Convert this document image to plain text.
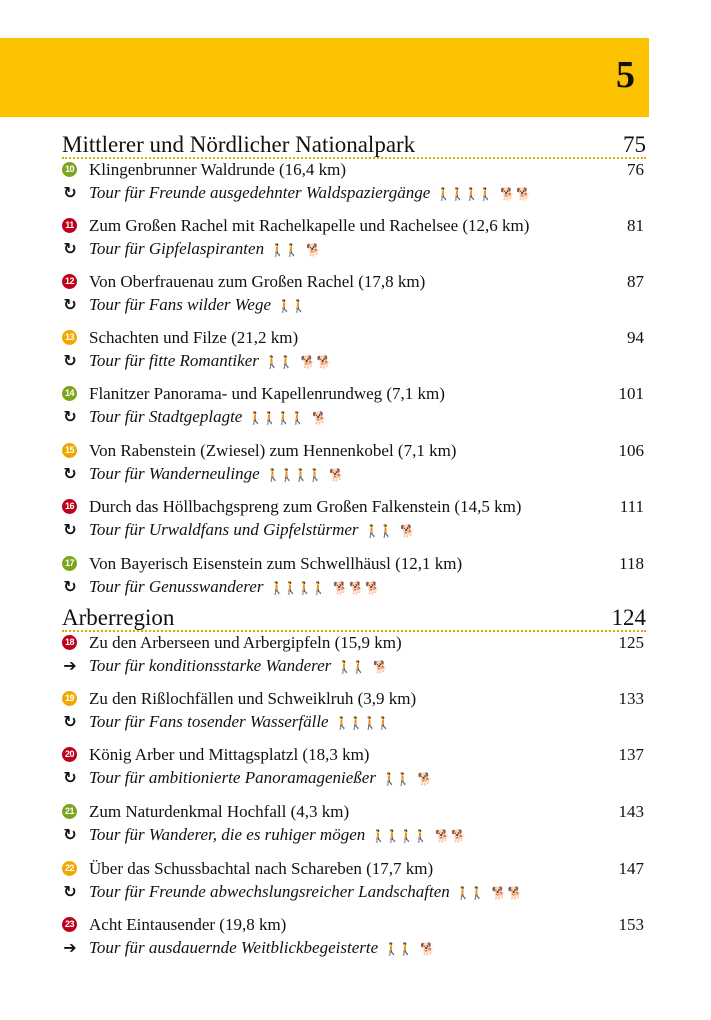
5
Mittlerer und Nördlicher Nationalpark	75
10 Klingenbrunner Waldrunde (16,4 km)	76
↻ Tour für Freunde ausgedehnter Waldspaziergänge 🚶🚶🚶🚶 🐕🐕
11 Zum Großen Rachel mit Rachelkapelle und Rachelsee (12,6 km)	81
↻ Tour für Gipfelaspiranten 🚶🚶 🐕
12 Von Oberfrauenau zum Großen Rachel (17,8 km)	87
↻ Tour für Fans wilder Wege 🚶🚶
13 Schachten und Filze (21,2 km)	94
↻ Tour für fitte Romantiker 🚶🚶 🐕🐕
14 Flanitzer Panorama- und Kapellenrundweg (7,1 km)	101
↻ Tour für Stadtgeplagte 🚶🚶🚶🚶 🐕
15 Von Rabenstein (Zwiesel) zum Hennenkobel (7,1 km)	106
↻ Tour für Wanderneulinge 🚶🚶🚶🚶 🐕
16 Durch das Höllbachgspreng zum Großen Falkenstein (14,5 km)	111
↻ Tour für Urwaldfans und Gipfelstürmer 🚶🚶 🐕
17 Von Bayerisch Eisenstein zum Schwellhäusl (12,1 km)	118
↻ Tour für Genusswanderer 🚶🚶🚶🚶 🐕🐕🐕
Arberregion	124
18 Zu den Arberseen und Arbergipfeln (15,9 km)	125
➔ Tour für konditionsstarke Wanderer 🚶🚶 🐕
19 Zu den Rißlochfällen und Schweiklruh (3,9 km)	133
↻ Tour für Fans tosender Wasserfälle 🚶🚶🚶🚶
20 König Arber und Mittagsplatzl (18,3 km)	137
↻ Tour für ambitionierte Panoramageniеßer 🚶🚶 🐕
21 Zum Naturdenkmal Hochfall (4,3 km)	143
↻ Tour für Wanderer, die es ruhiger mögen 🚶🚶🚶🚶 🐕🐕
22 Über das Schussbachtal nach Schareben (17,7 km)	147
↻ Tour für Freunde abwechslungsreicher Landschaften 🚶🚶 🐕🐕
23 Acht Eintausender (19,8 km)	153
➔ Tour für ausdauernde Weitblickbegeisterte 🚶🚶 🐕
